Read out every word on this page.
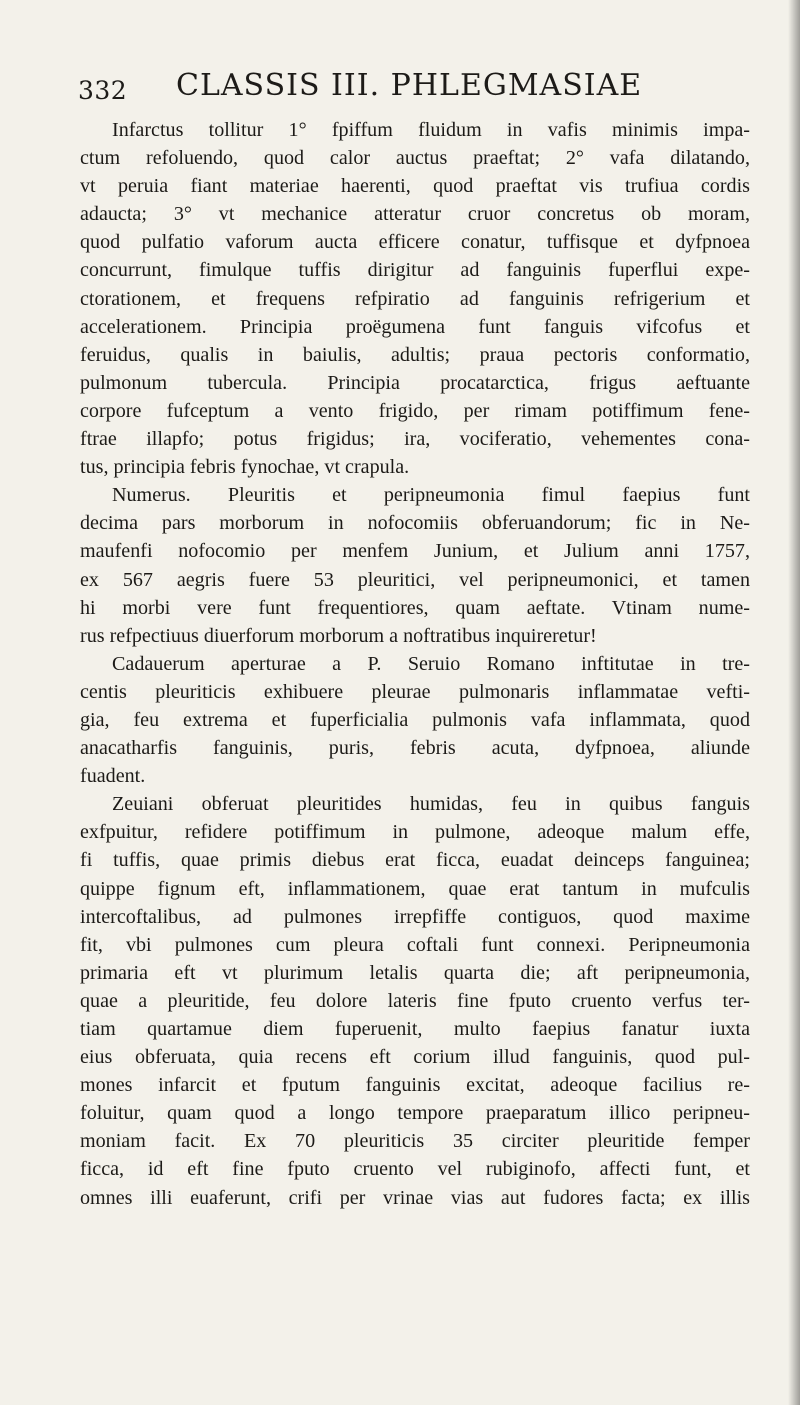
332 CLASSIS III. PHLEGMASIAE
Infarctus tollitur 1° fpiffum fluidum in vafis minimis impa-
ctum refoluendo, quod calor auctus praeftat; 2° vafa dilatando,
vt peruia fiant materiae haerenti, quod praeftat vis trufiua cordis
adaucta; 3° vt mechanice atteratur cruor concretus ob moram,
quod pulfatio vaforum aucta efficere conatur, tuffisque et dyfpnoea
concurrunt, fimulque tuffis dirigitur ad fanguinis fuperflui expe-
ctorationem, et frequens refpiratio ad fanguinis refrigerium et
accelerationem. Principia proëgumena funt fanguis vifcofus et
feruidus, qualis in baiulis, adultis; praua pectoris conformatio,
pulmonum tubercula. Principia procatarctica, frigus aeftuante
corpore fufceptum a vento frigido, per rimam potiffimum fene-
ftrae illapfo; potus frigidus; ira, vociferatio, vehementes cona-
tus, principia febris fynochae, vt crapula.
Numerus. Pleuritis et peripneumonia fimul faepius funt
decima pars morborum in nofocomiis obferuandorum; fic in Ne-
maufenfi nofocomio per menfem Junium, et Julium anni 1757,
ex 567 aegris fuere 53 pleuritici, vel peripneumonici, et tamen
hi morbi vere funt frequentiores, quam aeftate. Vtinam nume-
rus refpectiuus diuerforum morborum a noftratibus inquireretur!
Cadauerum aperturae a P. Seruio Romano inftitutae in tre-
centis pleuriticis exhibuere pleurae pulmonaris inflammatae vefti-
gia, feu extrema et fuperficialia pulmonis vafa inflammata, quod
anacatharfis fanguinis, puris, febris acuta, dyfpnoea, aliunde
fuadent.
Zeuiani obferuat pleuritides humidas, feu in quibus fanguis
exfpuitur, refidere potiffimum in pulmone, adeoque malum effe,
fi tuffis, quae primis diebus erat ficca, euadat deinceps fanguinea;
quippe fignum eft, inflammationem, quae erat tantum in mufculis
intercoftalibus, ad pulmones irrepfiffe contiguos, quod maxime
fit, vbi pulmones cum pleura coftali funt connexi. Peripneumonia
primaria eft vt plurimum letalis quarta die; aft peripneumonia,
quae a pleuritide, feu dolore lateris fine fputo cruento verfus ter-
tiam quartamue diem fuperuenit, multo faepius fanatur iuxta
eius obferuata, quia recens eft corium illud fanguinis, quod pul-
mones infarcit et fputum fanguinis excitat, adeoque facilius re-
foluitur, quam quod a longo tempore praeparatum illico peripneu-
moniam facit. Ex 70 pleuriticis 35 circiter pleuritide femper
ficca, id eft fine fputo cruento vel rubiginofo, affecti funt, et
omnes illi euaferunt, crifi per vrinae vias aut fudores facta; ex illis
